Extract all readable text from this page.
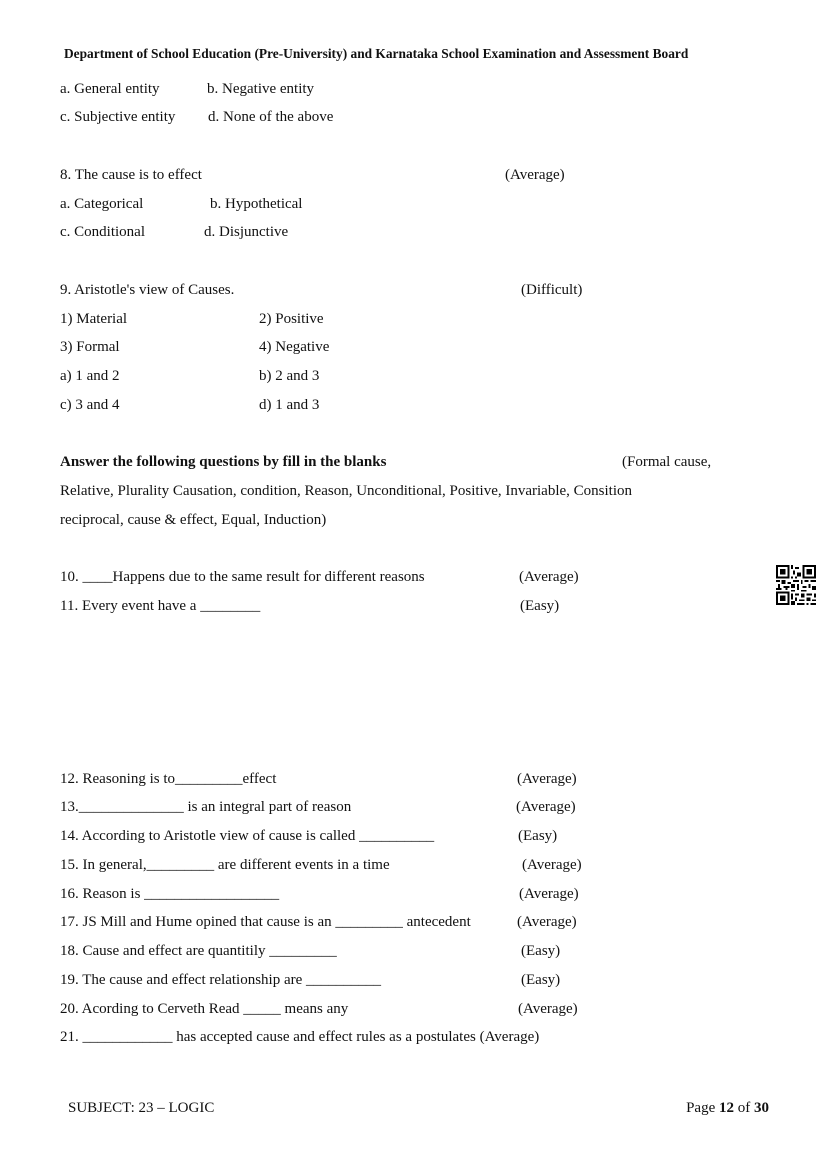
Department of School Education (Pre-University) and Karnataka School Examination and Assessment Board
a. General entity	b. Negative entity
c. Subjective entity d. None of the above
8. The cause is to effect	(Average)
a. Categorical	b. Hypothetical
c. Conditional	d. Disjunctive
9. Aristotle's view of Causes.	(Difficult)
1) Material	2) Positive
3) Formal	4) Negative
a) 1 and 2	b) 2 and 3
c) 3 and 4	d) 1 and 3
Answer the following questions by fill in the blanks	(Formal cause,
Relative, Plurality Causation, condition, Reason, Unconditional, Positive, Invariable, Consition
reciprocal, cause & effect, Equal, Induction)
10. ____Happens due to the same result for different reasons	(Average)
11. Every event have a ________	(Easy)
12. Reasoning is to_________effect	(Average)
13.______________ is an integral part of reason	(Average)
14. According to Aristotle view of cause is called __________	(Easy)
15. In general,_________ are different events in a time	(Average)
16. Reason is __________________	(Average)
17. JS Mill and Hume opined that cause is an _________ antecedent	(Average)
18. Cause and effect are quantitily _________	(Easy)
19. The cause and effect relationship are __________	(Easy)
20. Acording to Cerveth Read _____ means any	(Average)
21. ____________ has accepted cause and effect rules as a postulates (Average)
SUBJECT: 23 – LOGIC	Page 12 of 30
